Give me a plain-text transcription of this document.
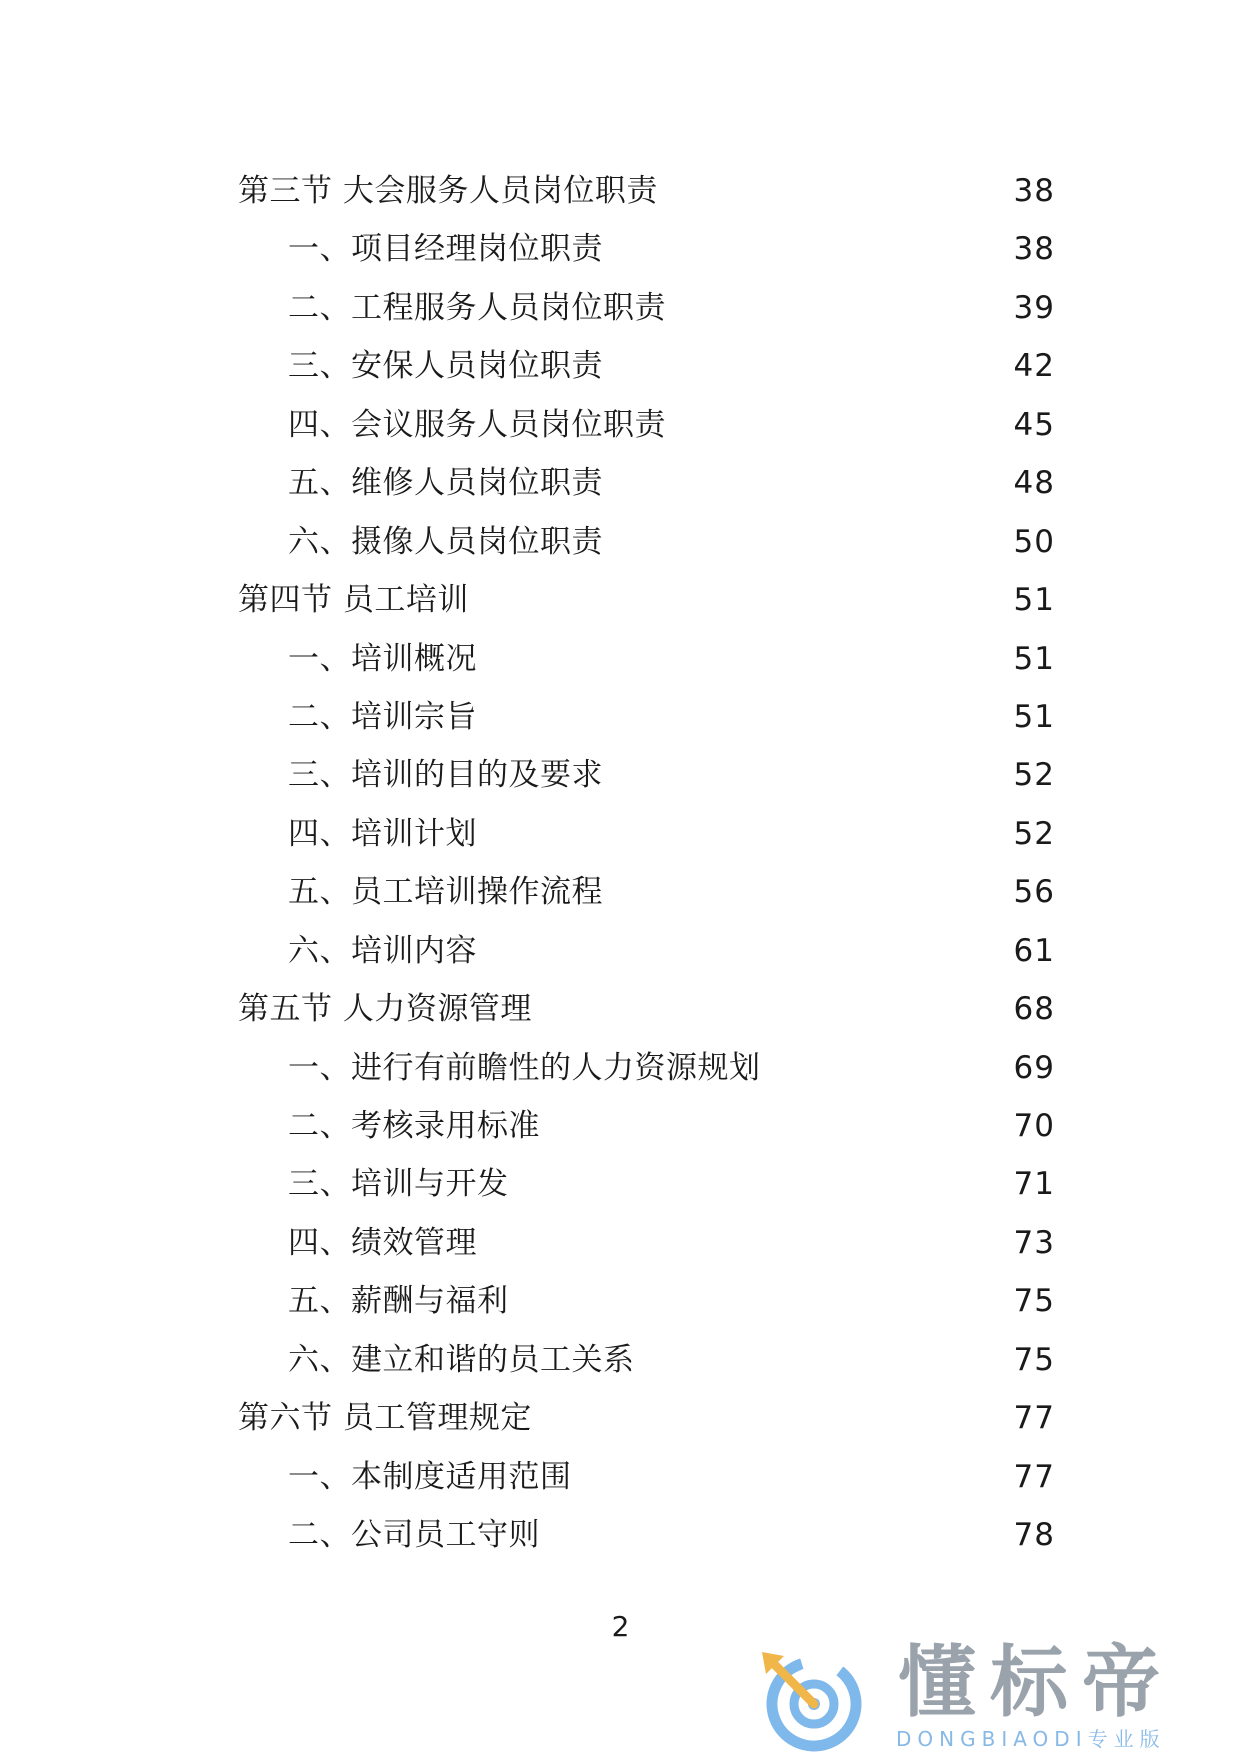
第三节 大会服务人员岗位职责	38
一、项目经理岗位职责	38
二、工程服务人员岗位职责	39
三、安保人员岗位职责	42
四、会议服务人员岗位职责	45
五、维修人员岗位职责	48
六、摄像人员岗位职责	50
第四节 员工培训	51
一、培训概况	51
二、培训宗旨	51
三、培训的目的及要求	52
四、培训计划	52
五、员工培训操作流程	56
六、培训内容	61
第五节 人力资源管理	68
一、进行有前瞻性的人力资源规划	69
二、考核录用标准	70
三、培训与开发	71
四、绩效管理	73
五、薪酬与福利	75
六、建立和谐的员工关系	75
第六节 员工管理规定	77
一、本制度适用范围	77
二、公司员工守则	78
2
懂标帝
DONGBIAODI专业版
